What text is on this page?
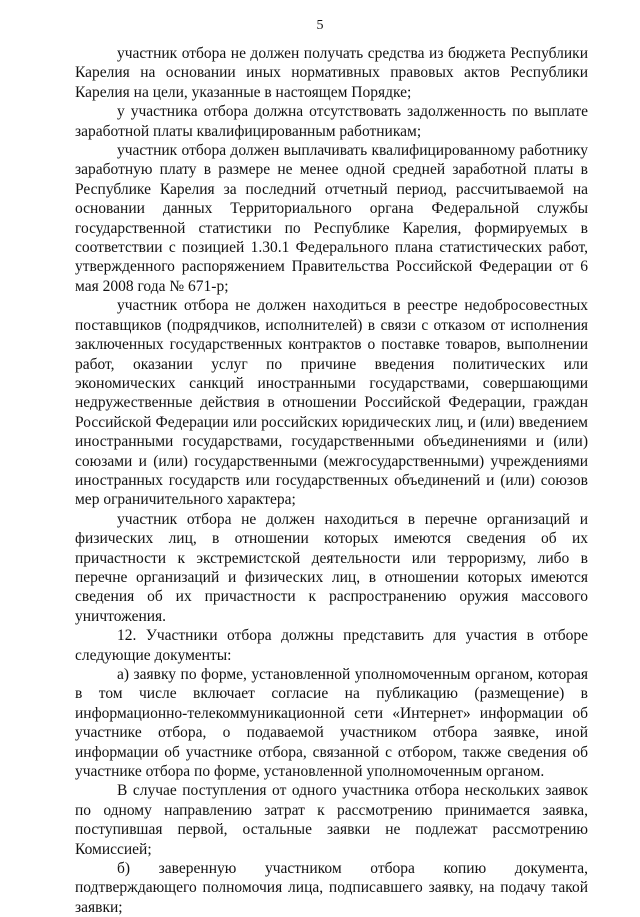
5

участник отбора не должен получать средства из бюджета Республики Карелия на основании иных нормативных правовых актов Республики Карелия на цели, указанные в настоящем Порядке;

у участника отбора должна отсутствовать задолженность по выплате заработной платы квалифицированным работникам;

участник отбора должен выплачивать квалифицированному работнику заработную плату в размере не менее одной средней заработной платы в Республике Карелия за последний отчетный период, рассчитываемой на основании данных Территориального органа Федеральной службы государственной статистики по Республике Карелия, формируемых в соответствии с позицией 1.30.1 Федерального плана статистических работ, утвержденного распоряжением Правительства Российской Федерации от 6 мая 2008 года № 671-р;

участник отбора не должен находиться в реестре недобросовестных поставщиков (подрядчиков, исполнителей) в связи с отказом от исполнения заключенных государственных контрактов о поставке товаров, выполнении работ, оказании услуг по причине введения политических или экономических санкций иностранными государствами, совершающими недружественные действия в отношении Российской Федерации, граждан Российской Федерации или российских юридических лиц, и (или) введением иностранными государствами, государственными объединениями и (или) союзами и (или) государственными (межгосударственными) учреждениями иностранных государств или государственных объединений и (или) союзов мер ограничительного характера;

участник отбора не должен находиться в перечне организаций и физических лиц, в отношении которых имеются сведения об их причастности к экстремистской деятельности или терроризму, либо в перечне организаций и физических лиц, в отношении которых имеются сведения об их причастности к распространению оружия массового уничтожения.

12. Участники отбора должны представить для участия в отборе следующие документы:

а) заявку по форме, установленной уполномоченным органом, которая в том числе включает согласие на публикацию (размещение) в информационно-телекоммуникационной сети «Интернет» информации об участнике отбора, о подаваемой участником отбора заявке, иной информации об участнике отбора, связанной с отбором, также сведения об участнике отбора по форме, установленной уполномоченным органом.

В случае поступления от одного участника отбора нескольких заявок по одному направлению затрат к рассмотрению принимается заявка, поступившая первой, остальные заявки не подлежат рассмотрению Комиссией;

б) заверенную участником отбора копию документа, подтверждающего полномочия лица, подписавшего заявку, на подачу такой заявки;
